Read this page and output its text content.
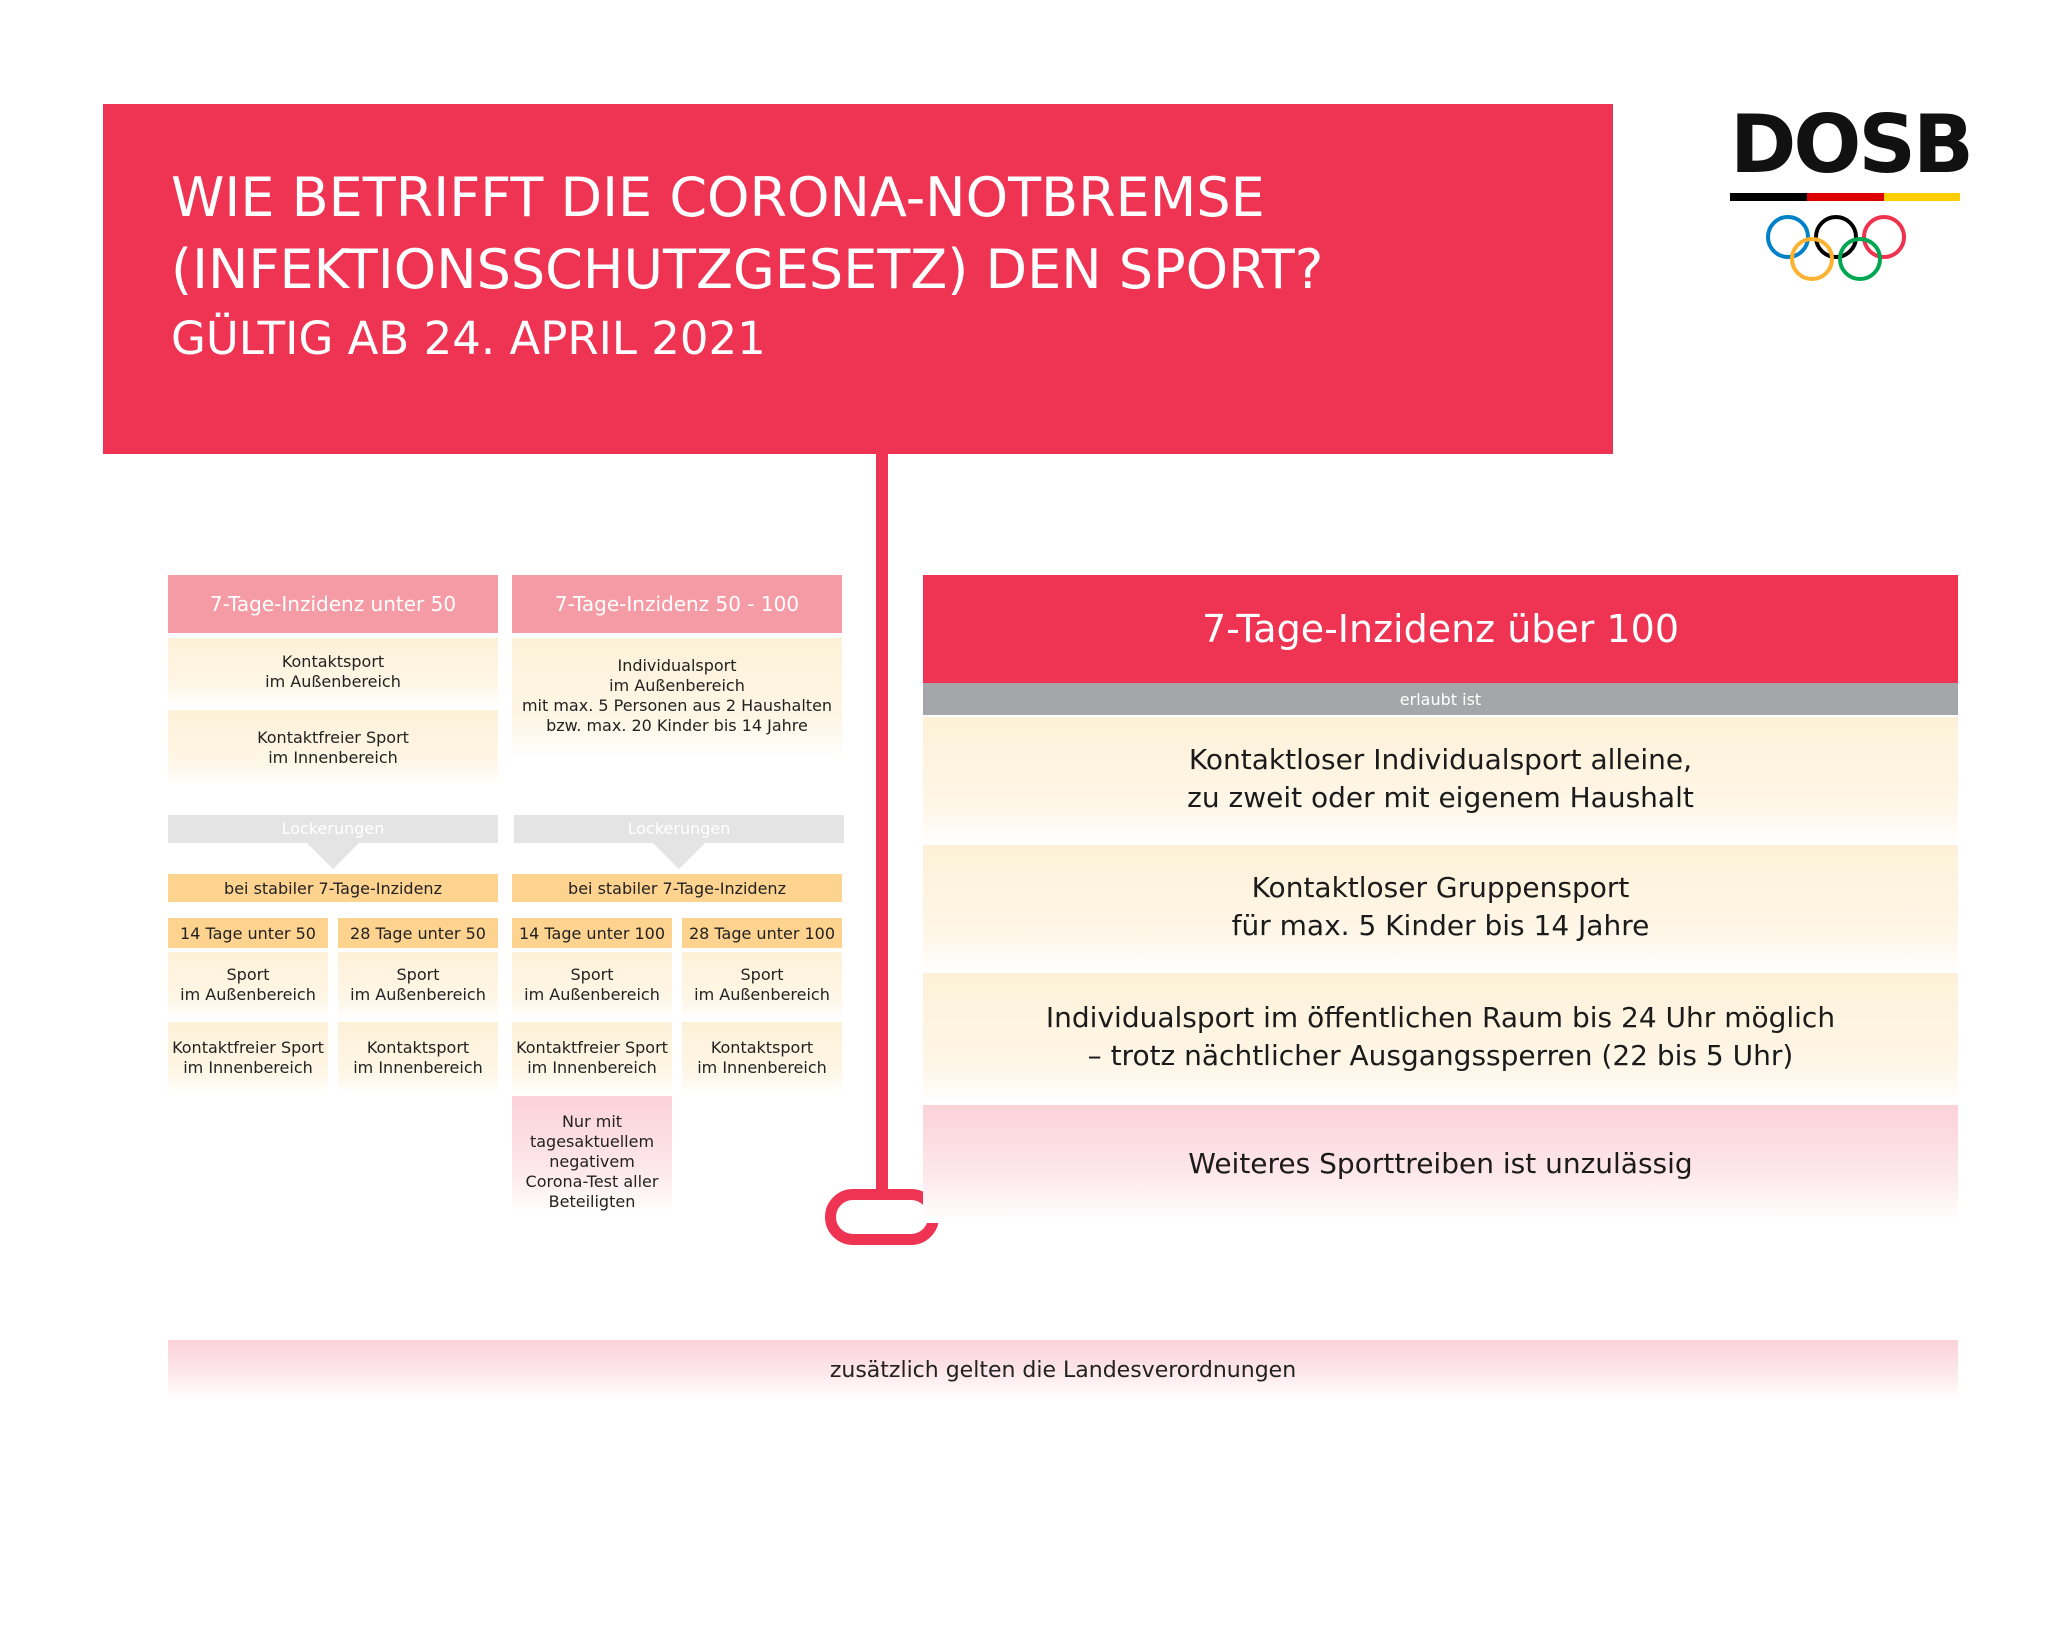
WIE BETRIFFT DIE CORONA-NOTBREMSE
(INFEKTIONSSCHUTZGESETZ) DEN SPORT?
GÜLTIG AB 24. APRIL 2021
DOSB
7-Tage-Inzidenz unter 50
Kontaktsport
im Außenbereich
Kontaktfreier Sport
im Innenbereich
Lockerungen
bei stabiler 7-Tage-Inzidenz
14 Tage unter 50	28 Tage unter 50
Sport
im Außenbereich
Sport
im Außenbereich
Kontaktfreier Sport
im Innenbereich
Kontaktsport
im Innenbereich
7-Tage-Inzidenz 50 - 100
Individualsport
im Außenbereich
mit max. 5 Personen aus 2 Haushalten
bzw. max. 20 Kinder bis 14 Jahre
Lockerungen
bei stabiler 7-Tage-Inzidenz
14 Tage unter 100	28 Tage unter 100
Sport
im Außenbereich
Sport
im Außenbereich
Kontaktfreier Sport
im Innenbereich
Kontaktsport
im Innenbereich
Nur mit
tagesaktuellem
negativem
Corona-Test aller
Beteiligten
7-Tage-Inzidenz über 100
erlaubt ist
Kontaktloser Individualsport alleine,
zu zweit oder mit eigenem Haushalt
Kontaktloser Gruppensport
für max. 5 Kinder bis 14 Jahre
Individualsport im öffentlichen Raum bis 24 Uhr möglich
– trotz nächtlicher Ausgangssperren (22 bis 5 Uhr)
Weiteres Sporttreiben ist unzulässig
zusätzlich gelten die Landesverordnungen
